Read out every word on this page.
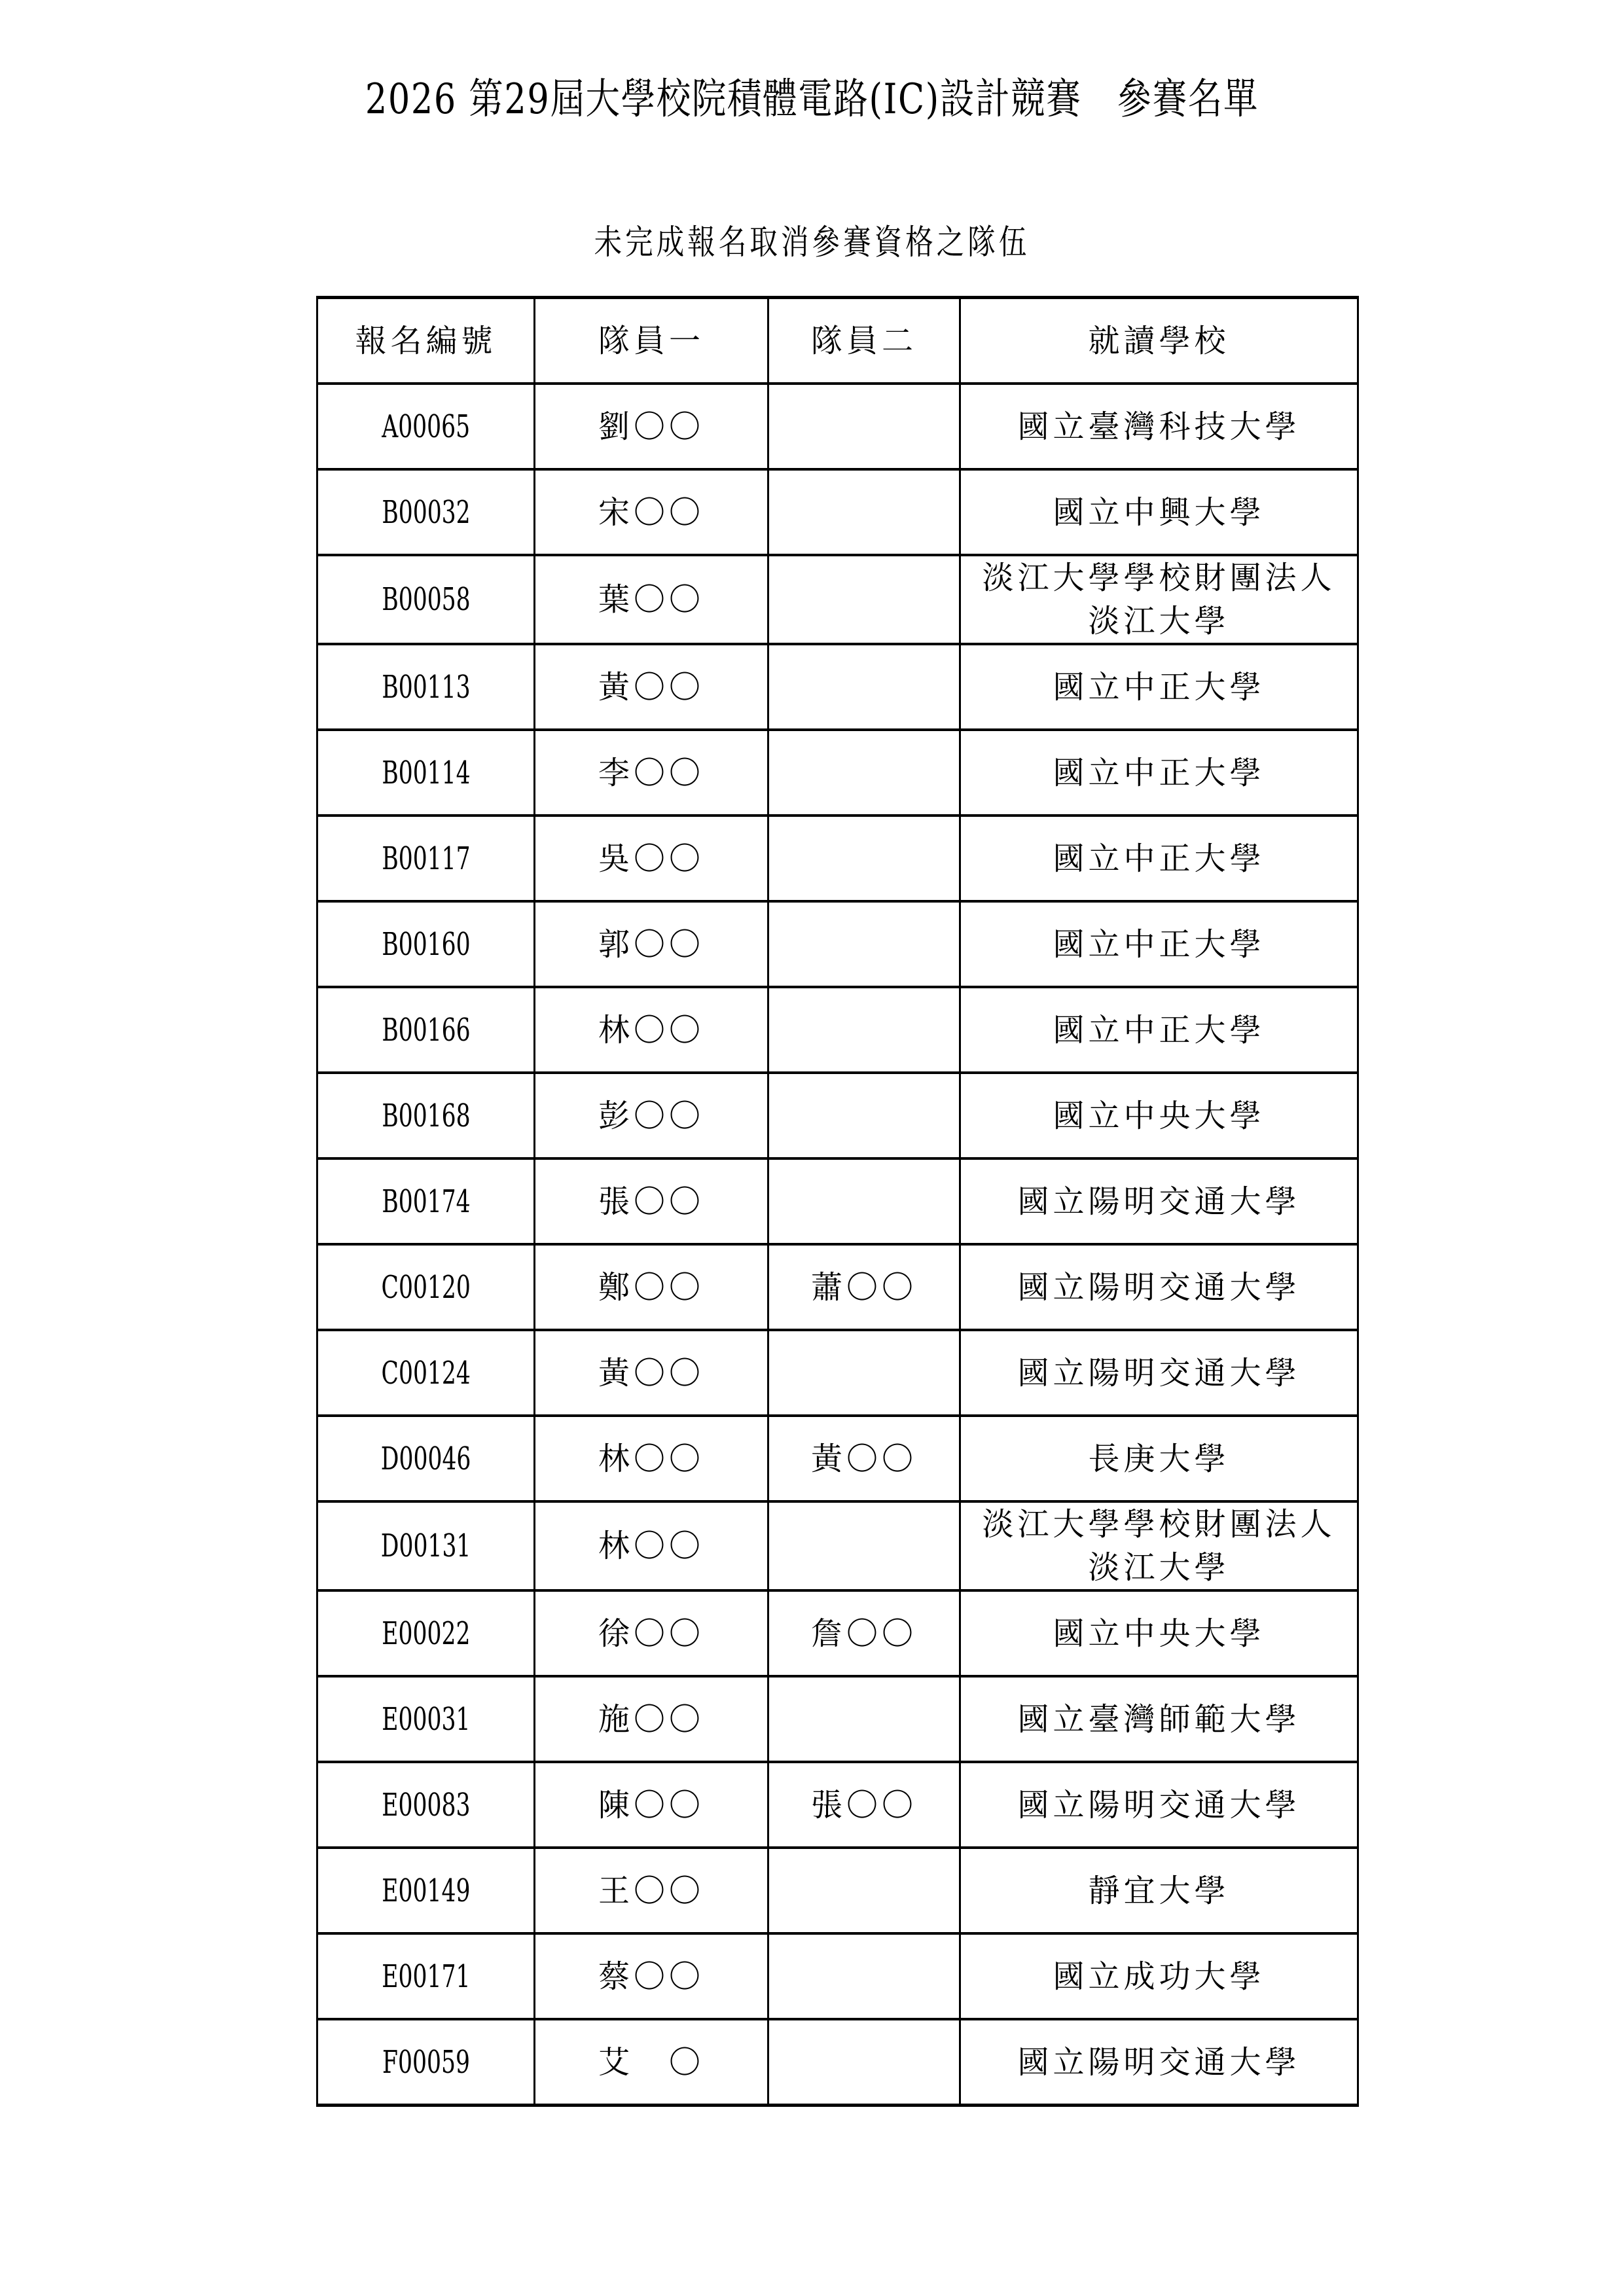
2026 第29屆大學校院積體電路(IC)設計競賽　參賽名單
未完成報名取消參賽資格之隊伍
報名編號	隊員一	隊員二	就讀學校
A00065	劉〇〇		國立臺灣科技大學
B00032	宋〇〇		國立中興大學
B00058	葉〇〇		淡江大學學校財團法人淡江大學
B00113	黃〇〇		國立中正大學
B00114	李〇〇		國立中正大學
B00117	吳〇〇		國立中正大學
B00160	郭〇〇		國立中正大學
B00166	林〇〇		國立中正大學
B00168	彭〇〇		國立中央大學
B00174	張〇〇		國立陽明交通大學
C00120	鄭〇〇	蕭〇〇	國立陽明交通大學
C00124	黃〇〇		國立陽明交通大學
D00046	林〇〇	黃〇〇	長庚大學
D00131	林〇〇		淡江大學學校財團法人淡江大學
E00022	徐〇〇	詹〇〇	國立中央大學
E00031	施〇〇		國立臺灣師範大學
E00083	陳〇〇	張〇〇	國立陽明交通大學
E00149	王〇〇		靜宜大學
E00171	蔡〇〇		國立成功大學
F00059	艾　〇		國立陽明交通大學
